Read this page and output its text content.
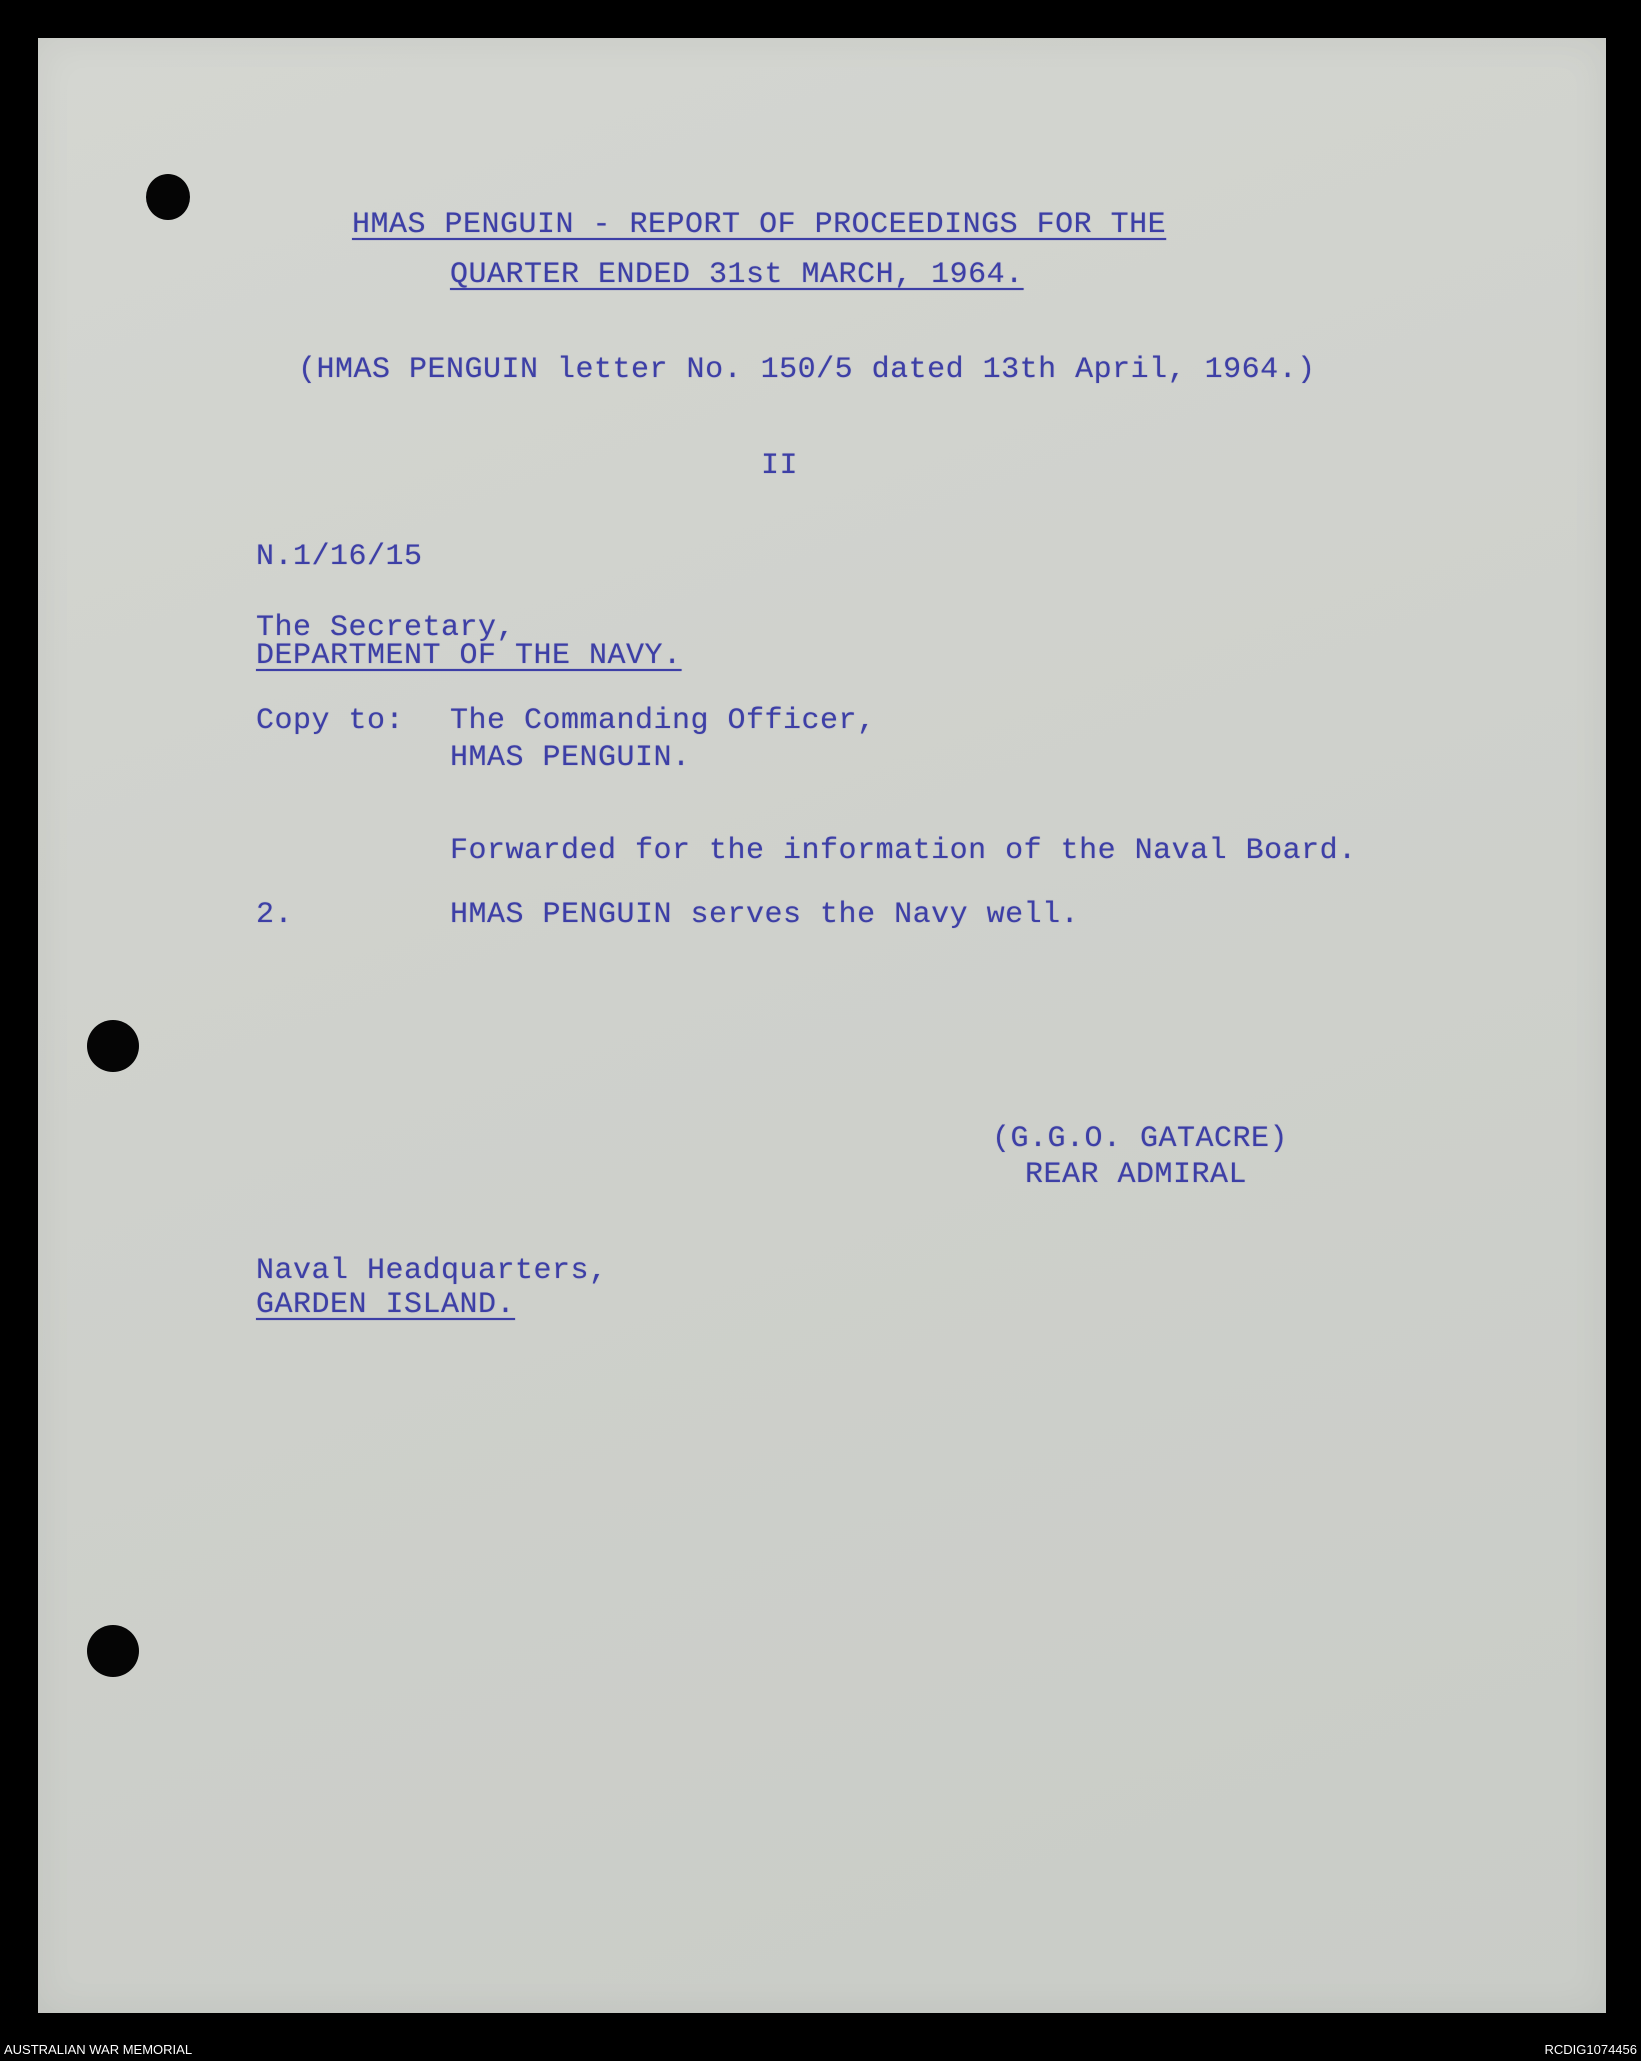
HMAS PENGUIN - REPORT OF PROCEEDINGS FOR THE
QUARTER ENDED 31st MARCH, 1964.
(HMAS PENGUIN letter No. 150/5 dated 13th April, 1964.)
II
N.1/16/15
The Secretary,
DEPARTMENT OF THE NAVY.
Copy to: The Commanding Officer,
HMAS PENGUIN.
Forwarded for the information of the Naval Board.
2.	HMAS PENGUIN serves the Navy well.
(G.G.O. GATACRE)
REAR ADMIRAL
Naval Headquarters,
GARDEN ISLAND.
AUSTRALIAN WAR MEMORIAL	RCDIG1074456
